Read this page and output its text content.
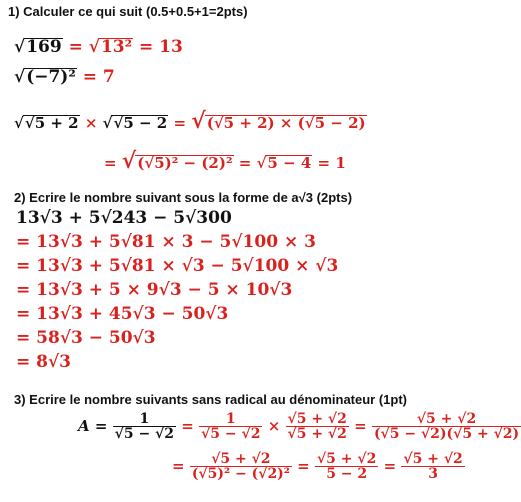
1) Calculer ce qui suit (0.5+0.5+1=2pts)
√169 = √13² = 13
√(−7)² = 7
√√5 + 2 × √√5 − 2 = √(√5 + 2) × (√5 − 2)
= √(√5)² − (2)² = √5 − 4 = 1
2) Ecrire le nombre suivant sous la forme de a√3 (2pts)
13√3 + 5√243 − 5√300
= 13√3 + 5√81 × 3 − 5√100 × 3
= 13√3 + 5√81 × √3 − 5√100 × √3
= 13√3 + 5 × 9√3 − 5 × 10√3
= 13√3 + 45√3 − 50√3
= 58√3 − 50√3
= 8√3
3) Ecrire le nombre suivants sans radical au dénominateur (1pt)
$A = \frac{1}{√5 - √2} = \frac{1}{√5 - √2} \times \frac{√5 + √2}{√5 + √2} = \frac{√5 + √2}{(√5 - √2)(√5 + √2)}$
= $\frac{√5 + √2}{\text{(√5)² − (√2)²}} = \frac{√5 + √2}{5 - 2} = \frac{√5 + √2}{3}$
